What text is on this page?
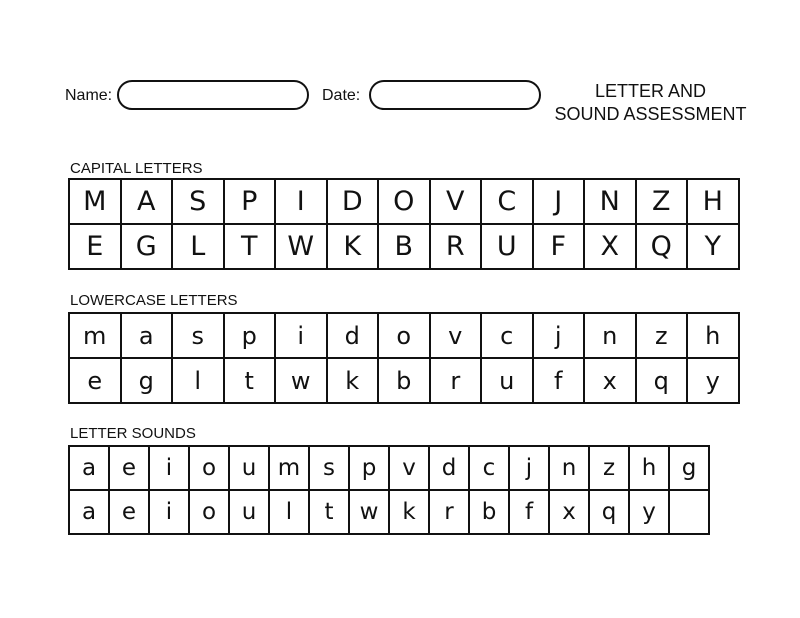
Name:	Date:	LETTER AND
SOUND ASSESSMENT
CAPITAL LETTERS
M	A	S	P	I	D	O	V	C	J	N	Z	H
E	G	L	T	W	K	B	R	U	F	X	Q	Y
LOWERCASE LETTERS
m	a	s	p	i	d	o	v	c	j	n	z	h
e	g	l	t	w	k	b	r	u	f	x	q	y
LETTER SOUNDS
a	e	i	o	u	m	s	p	v	d	c	j	n	z	h	g
a	e	i	o	u	l	t	w	k	r	b	f	x	q	y	
